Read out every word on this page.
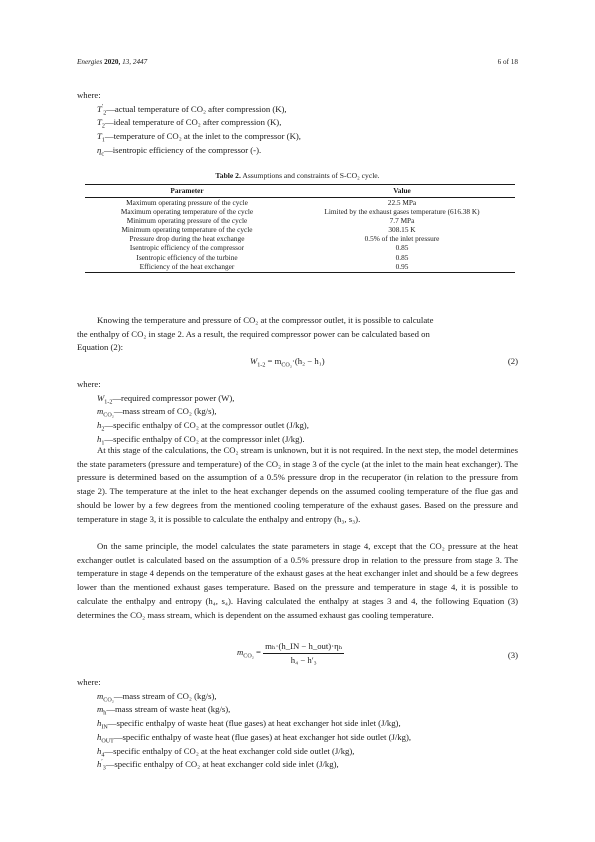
Energies 2020, 13, 2447	6 of 18
where:
$T'_2—actual$ temperature of CO₂ after compression (K),
$T_2—ideal$ temperature of CO₂ after compression (K),
$T_1—temperature$ of CO₂ at the inlet to the compressor (K),
$\eta_c—isentropic$ efficiency of the compressor (-).
Table 2. Assumptions and constraints of S-CO₂ cycle.
Parameter	Value
Maximum operating pressure of the cycle	22.5 MPa
Maximum operating temperature of the cycle	Limited by the exhaust gases temperature (616.38 K)
Minimum operating pressure of the cycle	7.7 MPa
Minimum operating temperature of the cycle	308.15 K
Pressure drop during the heat exchange	0.5% of the inlet pressure
Isentropic efficiency of the compressor	0.85
Isentropic efficiency of the turbine	0.85
Efficiency of the heat exchanger	0.95
Knowing the temperature and pressure of CO₂ at the compressor outlet, it is possible to calculate
the enthalpy of CO₂ in stage 2. As a result, the required compressor power can be calculated based on
Equation (2):
$W_{1-2} = m_{CO_2}\cdot(h_2 - h_1)$	(2)
where:
$W_{1-2}—required$ compressor power (W),
$m_{CO_2}—mass$ stream of CO₂ (kg/s),
$h_2—specific$ enthalpy of CO₂ at the compressor outlet (J/kg),
$h_1—specific$ enthalpy of CO₂ at the compressor inlet (J/kg).

At this stage of the calculations, the CO₂ stream is unknown, but it is not required. In the next step, the model determines the state parameters (pressure and temperature) of the CO₂ in stage 3 of the cycle (at the inlet to the main heat exchanger). The pressure is determined based on the assumption of a 0.5% pressure drop in the recuperator (in relation to the pressure from stage 2). The temperature at the inlet to the heat exchanger depends on the assumed cooling temperature of the flue gas and should be lower by a few degrees from the mentioned cooling temperature of the exhaust gases. Based on the pressure and temperature in stage 3, it is possible to calculate the enthalpy and entropy (h₃, s₃).

On the same principle, the model calculates the state parameters in stage 4, except that the CO₂ pressure at the heat exchanger outlet is calculated based on the assumption of a 0.5% pressure drop in relation to the pressure from stage 3. The temperature in stage 4 depends on the temperature of the exhaust gases at the heat exchanger inlet and should be a few degrees lower than the mentioned exhaust gases temperature. Based on the pressure and temperature in stage 4, it is possible to calculate the enthalpy and entropy (h₄, s₄). Having calculated the enthalpy at stages 3 and 4, the following Equation (3) determines the CO₂ mass stream, which is dependent on the assumed exhaust gas cooling temperature.

$m_{CO_2} = \frac{\text{mₕ·(h\_IN − h\_out)·ηₕ}}{\text{h₄ − h′₃}}$	(3)
where:
$m_{CO_2}—mass$ stream of CO₂ (kg/s),
$m_h—mass$ stream of waste heat (kg/s),
$h_{IN}—specific$ enthalpy of waste heat (flue gases) at heat exchanger hot side inlet (J/kg),
$h_{OUT}—specific$ enthalpy of waste heat (flue gases) at heat exchanger hot side outlet (J/kg),
$h_4—specific$ enthalpy of CO₂ at the heat exchanger cold side outlet (J/kg),
$h'_3—specific$ enthalpy of CO₂ at heat exchanger cold side inlet (J/kg),
